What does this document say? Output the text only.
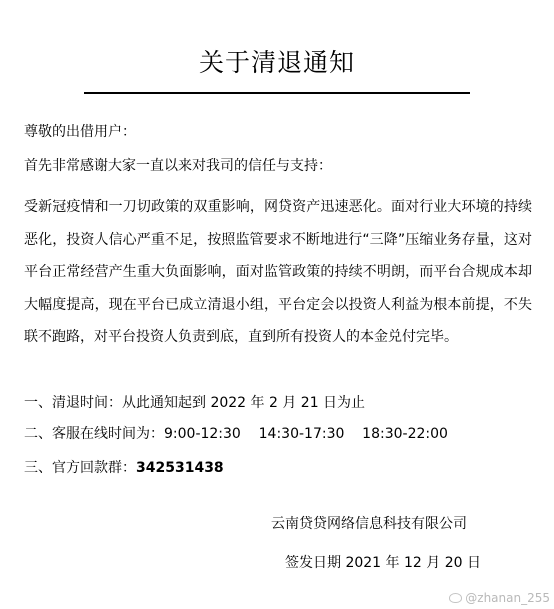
关于清退通知
尊敬的出借用户：
首先非常感谢大家一直以来对我司的信任与支持：
受新冠疫情和一刀切政策的双重影响，网贷资产迅速恶化。面对行业大环境的持续恶化，投资人信心严重不足，按照监管要求不断地进行“三降”压缩业务存量，这对平台正常经营产生重大负面影响，面对监管政策的持续不明朗，而平台合规成本却大幅度提高，现在平台已成立清退小组，平台定会以投资人利益为根本前提，不失联不跑路，对平台投资人负责到底，直到所有投资人的本金兑付完毕。
一、清退时间：从此通知起到 2022 年 2 月 21 日为止
二、客服在线时间为：9:00-12:30    14:30-17:30    18:30-22:00
三、官方回款群：342531438
云南贷贷网络信息科技有限公司
签发日期 2021 年 12 月 20 日
@zhanan_255
